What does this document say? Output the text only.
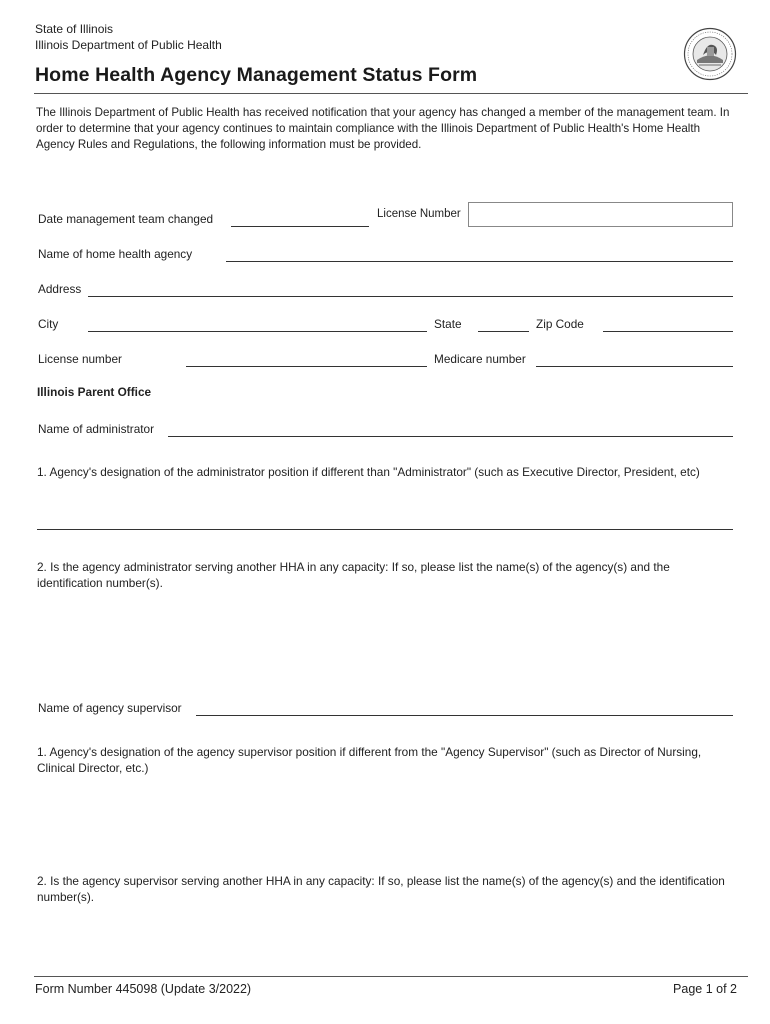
State of Illinois
Illinois Department of Public Health
Home Health Agency Management Status Form
The Illinois Department of Public Health has received notification that your agency has changed a member of the management team. In order to determine that your agency continues to maintain compliance with the Illinois Department of Public Health's Home Health Agency Rules and Regulations, the following information must be provided.
Date management team changed	License Number
Name of home health agency
Address
City	State	Zip Code
License number	Medicare number
Illinois Parent Office
Name of administrator
1. Agency's designation of the administrator position if different than "Administrator" (such as Executive Director, President, etc)
2. Is the agency administrator serving another HHA in any capacity: If so, please list the name(s) of the agency(s) and the identification number(s).
Name of agency supervisor
1. Agency's designation of the agency supervisor position if different from the "Agency Supervisor" (such as Director of Nursing, Clinical Director, etc.)
2. Is the agency supervisor serving another HHA in any capacity: If so, please list the name(s) of the agency(s) and the identification number(s).
Form Number 445098 (Update 3/2022)	Page 1 of 2
